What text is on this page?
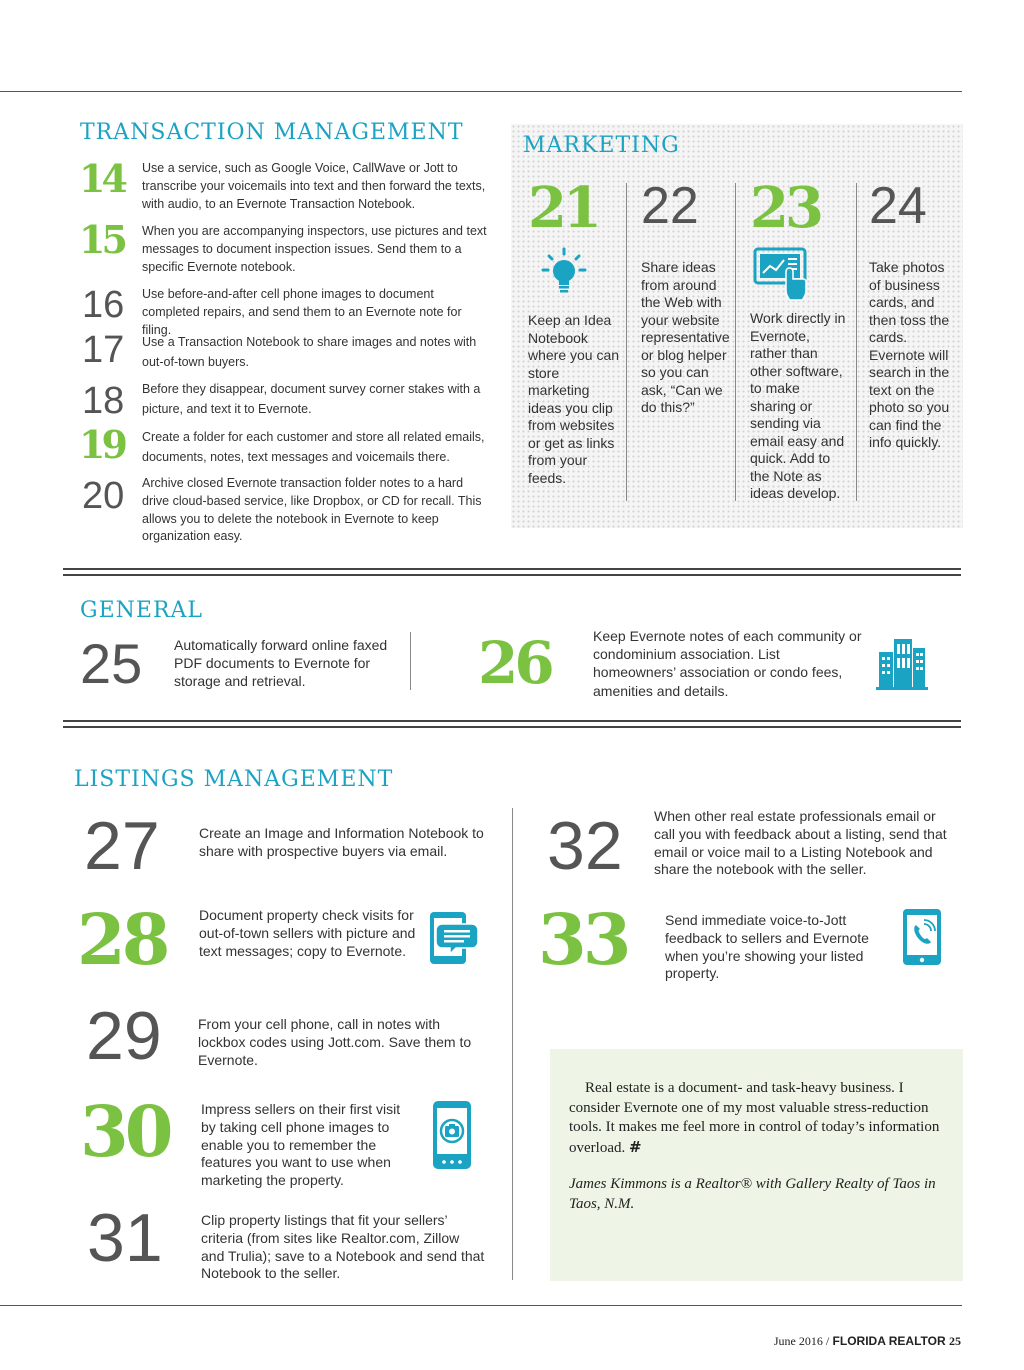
TRANSACTION MANAGEMENT
14 Use a service, such as Google Voice, CallWave or Jott to transcribe your voicemails into text and then forward the texts, with audio, to an Evernote Transaction Notebook.
15 When you are accompanying inspectors, use pictures and text messages to document inspection issues. Send them to a specific Evernote notebook.
16 Use before-and-after cell phone images to document completed repairs, and send them to an Evernote note for filing.
17 Use a Transaction Notebook to share images and notes with out-of-town buyers.
18 Before they disappear, document survey corner stakes with a picture, and text it to Evernote.
19 Create a folder for each customer and store all related emails, documents, notes, text messages and voicemails there.
20 Archive closed Evernote transaction folder notes to a hard drive cloud-based service, like Dropbox, or CD for recall. This allows you to delete the notebook in Evernote to keep organization easy.
MARKETING
21
Keep an Idea Notebook where you can store marketing ideas you clip from websites or get as links from your feeds.
22
Share ideas from around the Web with your website representative or blog helper so you can ask, “Can we do this?”
23
Work directly in Evernote, rather than other software, to make sharing or sending via email easy and quick. Add to the Note as ideas develop.
24
Take photos of business cards, and then toss the cards. Evernote will search in the text on the photo so you can find the info quickly.
GENERAL
25 Automatically forward online faxed PDF documents to Evernote for storage and retrieval.	26	Keep Evernote notes of each community or condominium association. List homeowners’ association or condo fees, amenities and details.
LISTINGS MANAGEMENT
27	Create an Image and Information Notebook to share with prospective buyers via email.
28 Document property check visits for out-of-town sellers with picture and text messages; copy to Evernote.
29	From your cell phone, call in notes with lockbox codes using Jott.com. Save them to Evernote.
30 Impress sellers on their first visit by taking cell phone images to enable you to remember the features you want to use when marketing the property.
31	Clip property listings that fit your sellers’ criteria (from sites like Realtor.com, Zillow and Trulia); save to a Notebook and send that Notebook to the seller.
32 When other real estate professionals email or call you with feedback about a listing, send that email or voice mail to a Listing Notebook and share the notebook with the seller.
33	Send immediate voice-to-Jott feedback to sellers and Evernote when you’re showing your listed property.
Real estate is a document- and task-heavy business. I consider Evernote one of my most valuable stress-reduction tools. It makes me feel more in control of today’s information overload. #
James Kimmons is a Realtor® with Gallery Realty of Taos in Taos, N.M.
June 2016 / FLORIDA REALTOR 25
